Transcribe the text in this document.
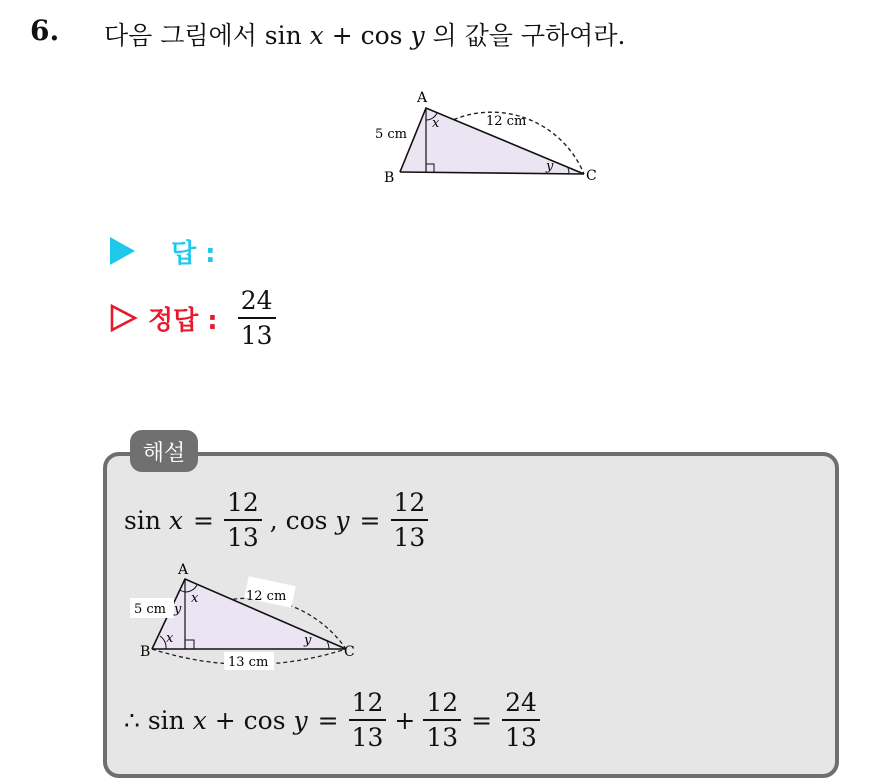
6. 다음 그림에서 sin x + cos y 의 값을 구하여라.
A
B	C
5 cm
12 cm
x
y
답 :
정답 : $\frac{24}{13}$
해설
$\sin x = \frac{12}{13}$ , $\cos y = \frac{12}{13}$
A
B	C
5 cm
12 cm
13 cm
x
y
x	y
∴ $\sin x + \cos y = \frac{12}{13} + \frac{12}{13} = \frac{24}{13}$
